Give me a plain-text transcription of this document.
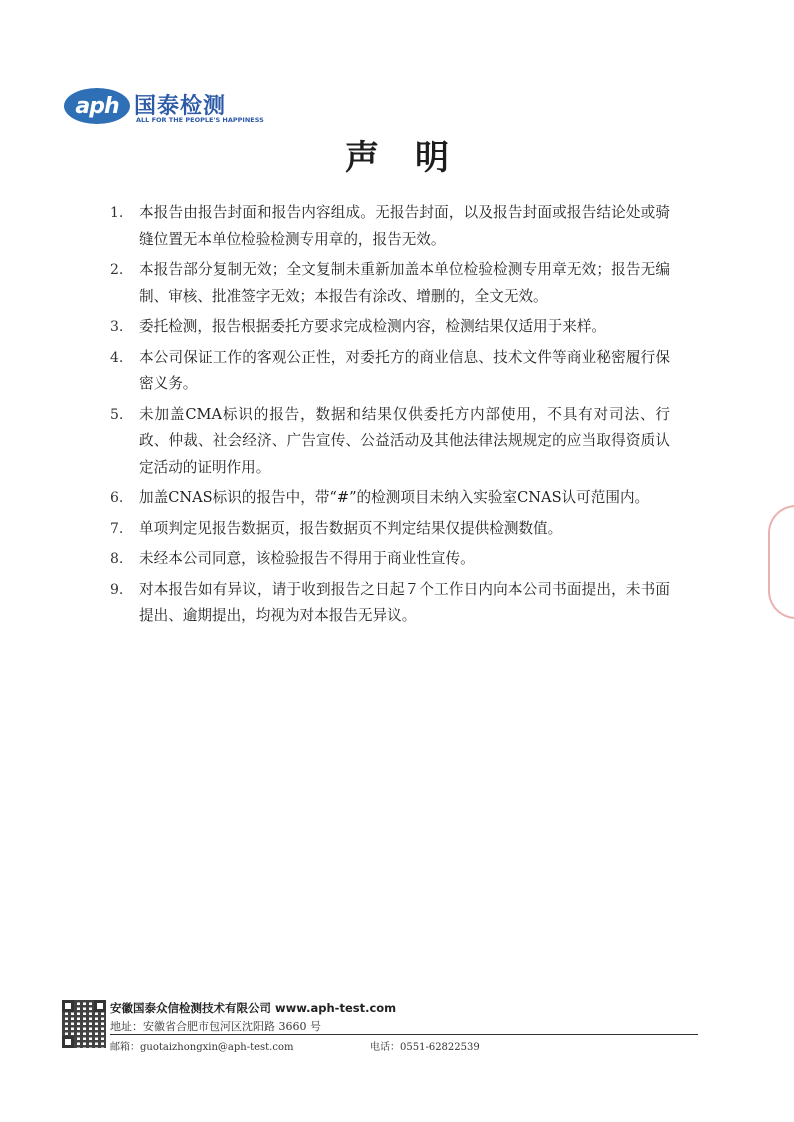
aph 国泰检测
ALL FOR THE PEOPLE'S HAPPINESS
声明
1. 本报告由报告封面和报告内容组成。无报告封面，以及报告封面或报告结论处或骑缝位置无本单位检验检测专用章的，报告无效。
2. 本报告部分复制无效；全文复制未重新加盖本单位检验检测专用章无效；报告无编制、审核、批准签字无效；本报告有涂改、增删的，全文无效。
3. 委托检测，报告根据委托方要求完成检测内容，检测结果仅适用于来样。
4. 本公司保证工作的客观公正性，对委托方的商业信息、技术文件等商业秘密履行保密义务。
5. 未加盖CMA标识的报告，数据和结果仅供委托方内部使用，不具有对司法、行政、仲裁、社会经济、广告宣传、公益活动及其他法律法规规定的应当取得资质认定活动的证明作用。
6. 加盖CNAS标识的报告中，带“#”的检测项目未纳入实验室CNAS认可范围内。
7. 单项判定见报告数据页，报告数据页不判定结果仅提供检测数值。
8. 未经本公司同意，该检验报告不得用于商业性宣传。
9. 对本报告如有异议，请于收到报告之日起７个工作日内向本公司书面提出，未书面提出、逾期提出，均视为对本报告无异议。
安徽国泰众信检测技术有限公司 www.aph-test.com
地址：安徽省合肥市包河区沈阳路 3660 号
邮箱：guotaizhongxin@aph-test.com	电话：0551-62822539
